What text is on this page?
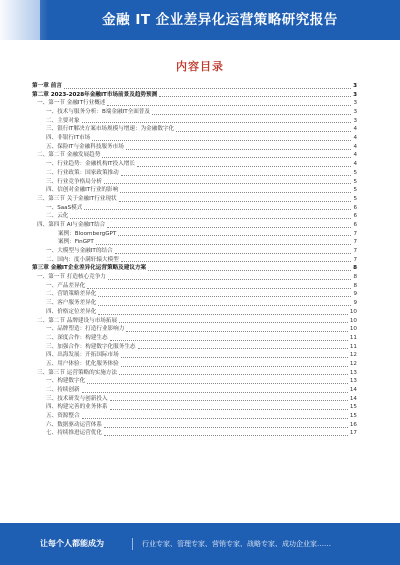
金融 IT 企业差异化运营策略研究报告
内容目录
第一章 前言	3
第二章 2023-2028年金融IT市场前景及趋势预测	3
一、第一节 金融IT行业概述	3
一、技术与服务分析：B端金融IT全面普及	3
二、主要对象	3
三、银行IT解决方案市场规模与增速：为金融数字化	4
四、非银行IT市场	4
五、保险IT与金融科技服务市场	4
二、第二节 金融发展趋势	4
一、行业趋势：金融机构IT投入增长	4
二、行业政策：国家政策推动	5
三、行业竞争格局分析	5
四、信创对金融IT行业的影响	5
三、第三节 关于金融IT行业现状	5
一、SaaS模式	6
二、云化	6
四、第四节 AI与金融IT结合	6
案例：BloombergGPT	7
案例：FinGPT	7
一、大模型与金融IT的结合	7
二、国内：度小满轩辕大模型	7
第三章 金融IT企业差异化运营策略及建议方案	8
一、第一节 打造核心竞争力	8
一、产品差异化	8
二、营销策略差异化	9
三、客户服务差异化	9
四、价格定位差异化	10
二、第二节 品牌建设与市场拓展	10
一、品牌塑造：打造行业影响力	10
二、深度合作：构建生态	11
三、加强合作：构建数字化服务生态	11
四、出海发展：开拓国际市场	12
五、用户体验：优化服务体验	12
三、第三节 运营策略的实施方法	13
一、构建数字化	13
二、持续创新	14
三、技术研发与创新投入	14
四、构建完善的业务体系	15
五、资源整合	15
六、数据驱动运营体系	16
七、持续推进运营优化	17
让每个人都能成为	行业专家、管理专家、营销专家、战略专家、成功企业家……
